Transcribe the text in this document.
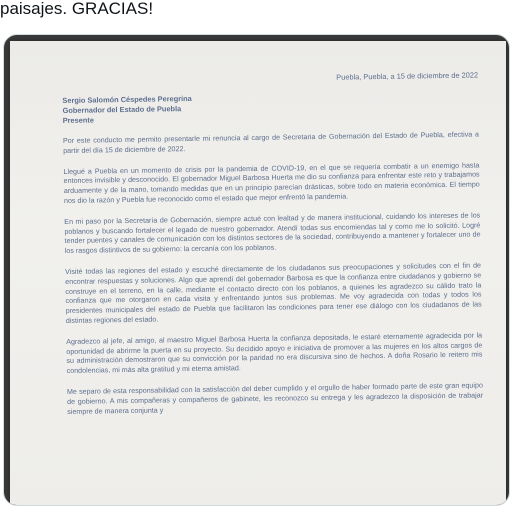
paisajes. GRACIAS!
Puebla, Puebla, a 15 de diciembre de 2022
Sergio Salomón Céspedes Peregrina
Gobernador del Estado de Puebla
Presente

Por este conducto me permito presentarle mi renuncia al cargo de Secretaria de Gobernación del Estado de Puebla, efectiva a partir del día 15 de diciembre de 2022.

Llegué a Puebla en un momento de crisis por la pandemia de COVID-19, en el que se requería combatir a un enemigo hasta entonces invisible y desconocido. El gobernador Miguel Barbosa Huerta me dio su confianza para enfrentar este reto y trabajamos arduamente y de la mano, tomando medidas que en un principio parecían drásticas, sobre todo en materia económica. El tiempo nos dio la razón y Puebla fue reconocido como el estado que mejor enfrentó la pandemia.

En mi paso por la Secretaría de Gobernación, siempre actué con lealtad y de manera institucional, cuidando los intereses de los poblanos y buscando fortalecer el legado de nuestro gobernador. Atendí todas sus encomiendas tal y como me lo solicitó. Logré tender puentes y canales de comunicación con los distintos sectores de la sociedad, contribuyendo a mantener y fortalecer uno de los rasgos distintivos de su gobierno: la cercanía con los poblanos.

Visité todas las regiones del estado y escuché directamente de los ciudadanos sus preocupaciones y solicitudes con el fin de encontrar respuestas y soluciones. Algo que aprendí del gobernador Barbosa es que la confianza entre ciudadanos y gobierno se construye en el terreno, en la calle, mediante el contacto directo con los poblanos, a quienes les agradezco su cálido trato la confianza que me otorgaron en cada visita y enfrentando juntos sus problemas. Me voy agradecida con todas y todos los presidentes municipales del estado de Puebla que facilitaron las condiciones para tener ese diálogo con los ciudadanos de las distintas regiones del estado.

Agradezco al jefe, al amigo, al maestro Miguel Barbosa Huerta la confianza depositada, le estaré eternamente agradecida por la oportunidad de abrirme la puerta en su proyecto. Su decidido apoyo e iniciativa de promover a las mujeres en los altos cargos de su administración demostraron que su convicción por la paridad no era discursiva sino de hechos. A doña Rosario le reitero mis condolencias, mi más alta gratitud y mi eterna amistad.

Me separo de esta responsabilidad con la satisfacción del deber cumplido y el orgullo de haber formado parte de este gran equipo de gobierno. A mis compañeras y compañeros de gabinete, les reconozco su entrega y les agradezco la disposición de trabajar siempre de manera conjunta y
